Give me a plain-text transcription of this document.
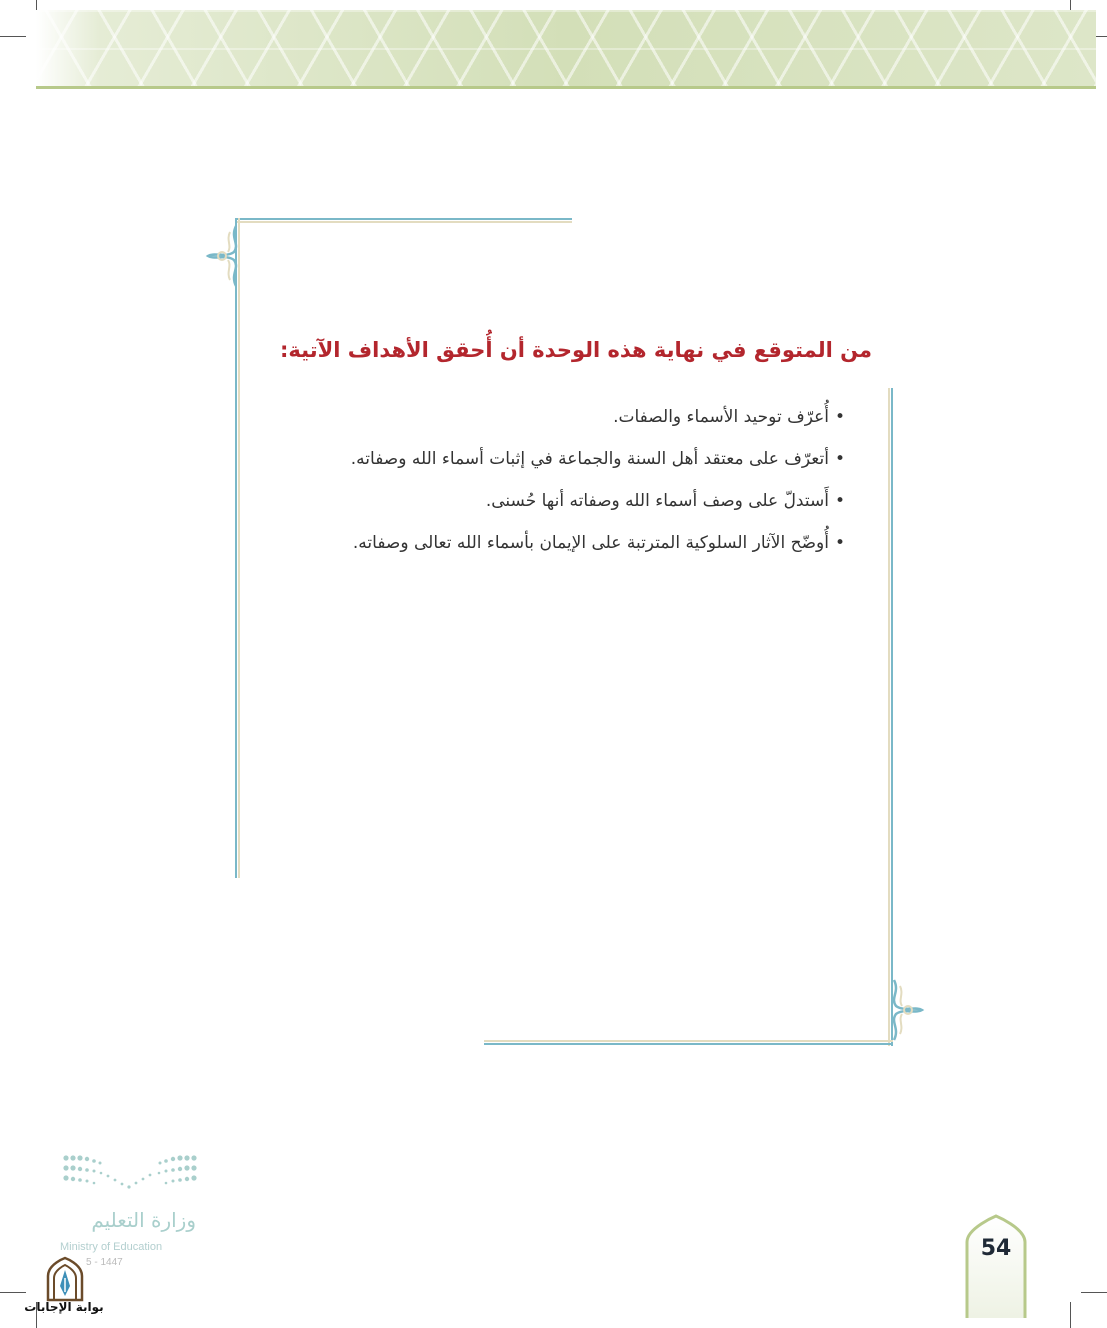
من المتوقع في نهاية هذه الوحدة أن أُحقق الأهداف الآتية:
• أُعرّف توحيد الأسماء والصفات.
• أتعرّف على معتقد أهل السنة والجماعة في إثبات أسماء الله وصفاته.
• أَستدلّ على وصف أسماء الله وصفاته أنها حُسنى.
• أُوضّح الآثار السلوكية المترتبة على الإيمان بأسماء الله تعالى وصفاته.
وزارة التعليم
Ministry of Education
5 - 1447
بوابة الإجابات
54
